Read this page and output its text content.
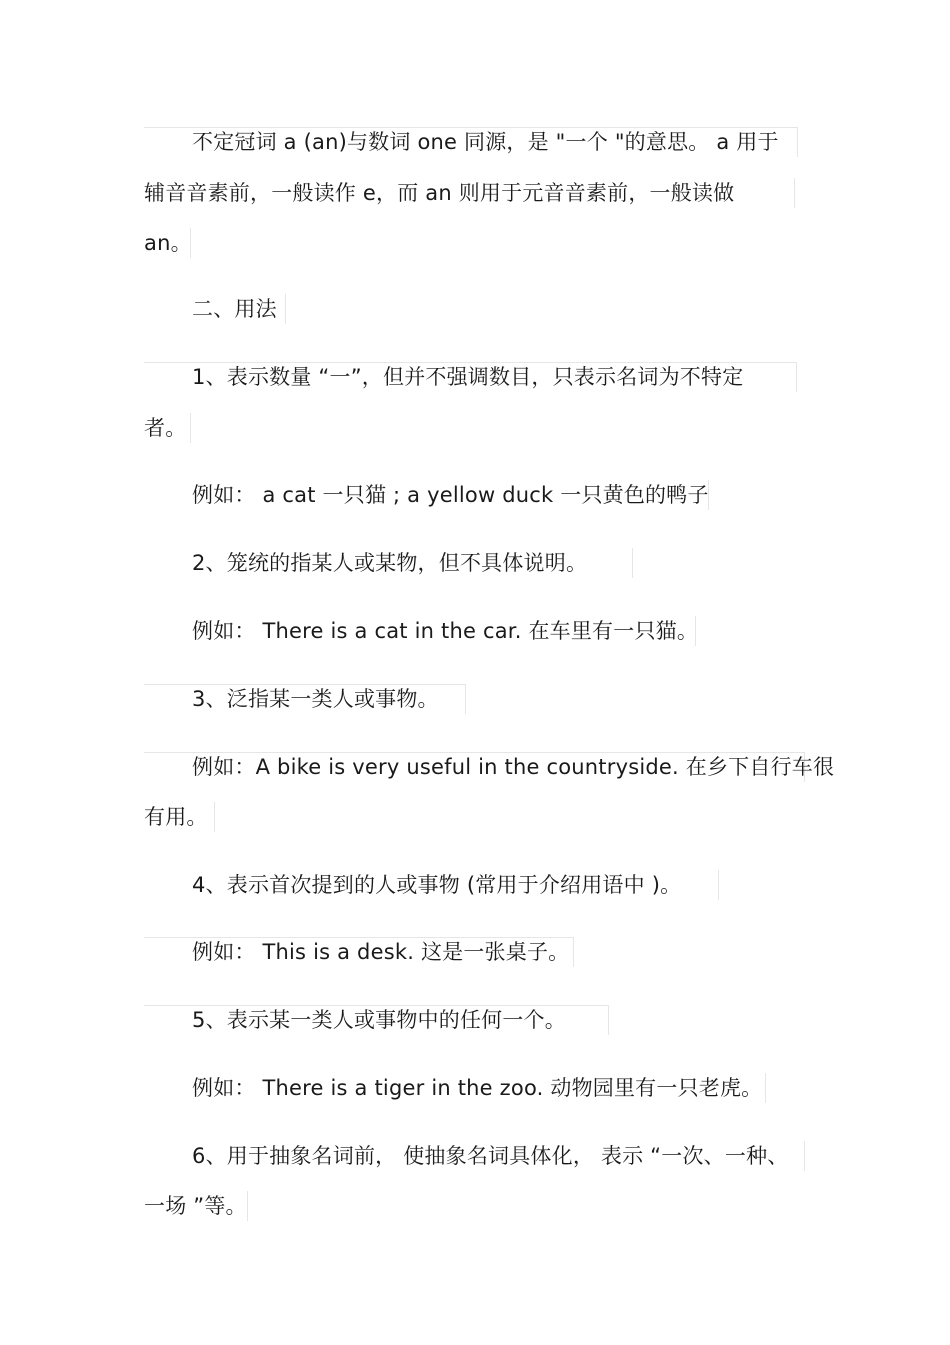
不定冠词 a (an)与数词 one 同源，是 "一个 "的意思。 a 用于
辅音音素前，一般读作 e，而 an 则用于元音音素前，一般读做
an。
二、用法
1、表示数量 “一”，但并不强调数目，只表示名词为不特定
者。
例如： a cat 一只猫 ; a yellow duck 一只黄色的鸭子
2、笼统的指某人或某物，但不具体说明。
例如： There is a cat in the car. 在车里有一只猫。
3、泛指某一类人或事物。
例如：A bike is very useful in the countryside. 在乡下自行车很
有用。
4、表示首次提到的人或事物 (常用于介绍用语中 )。
例如： This is a desk. 这是一张桌子。
5、表示某一类人或事物中的任何一个。
例如： There is a tiger in the zoo. 动物园里有一只老虎。
6、用于抽象名词前， 使抽象名词具体化， 表示 “一次、一种、
一场 ”等。
